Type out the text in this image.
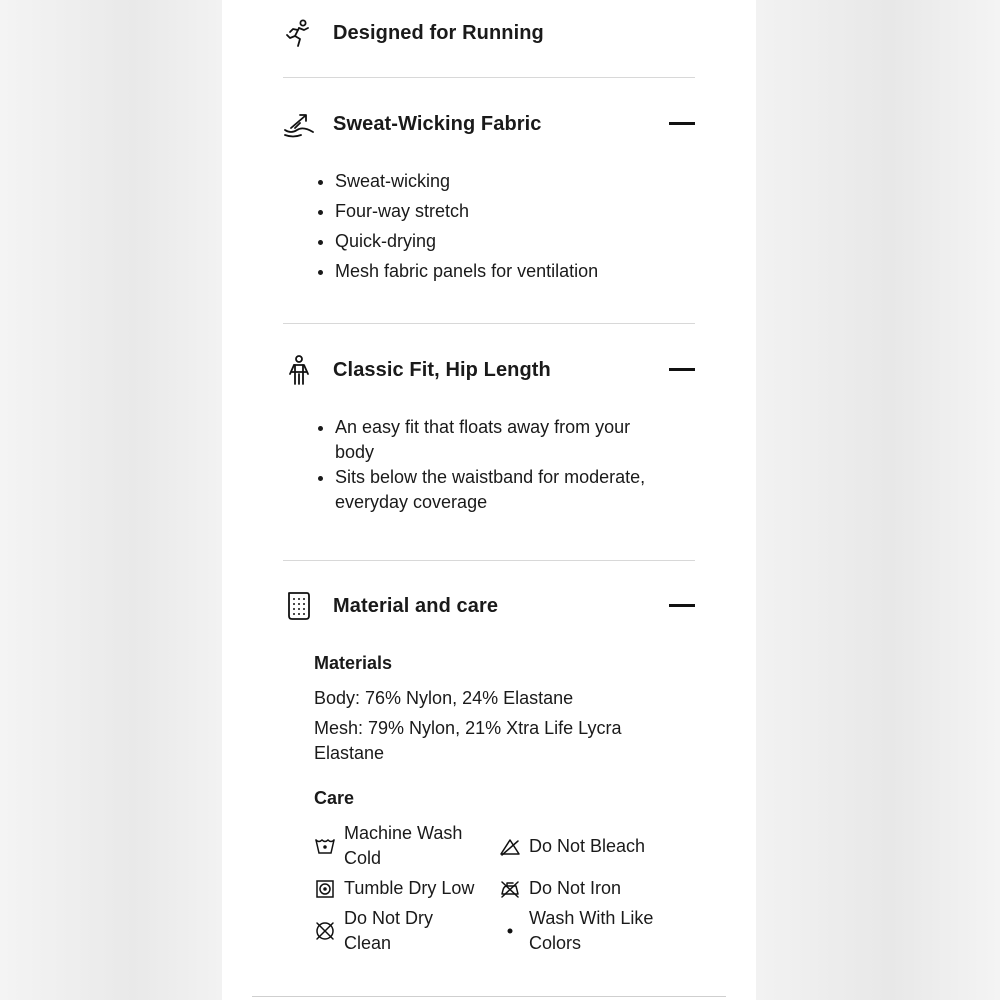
Designed for Running
Sweat-Wicking Fabric
• Sweat-wicking
• Four-way stretch
• Quick-drying
• Mesh fabric panels for ventilation
Classic Fit, Hip Length
• An easy fit that floats away from your body
• Sits below the waistband for moderate, everyday coverage
Material and care
Materials
Body: 76% Nylon, 24% Elastane
Mesh: 79% Nylon, 21% Xtra Life Lycra Elastane
Care
Machine Wash Cold
Do Not Bleach
Tumble Dry Low	Do Not Iron
Do Not Dry Clean
Wash With Like Colors
